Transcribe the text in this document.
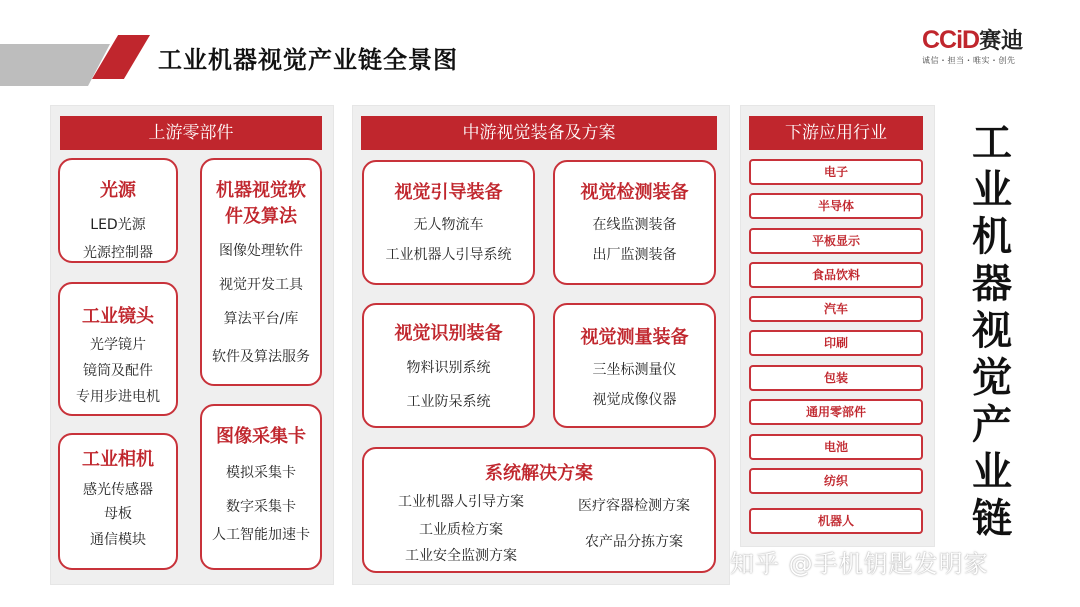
工业机器视觉产业链全景图
CCiD赛迪
诚信・担当・唯实・创先
上游零部件	中游视觉装备及方案	下游应用行业
光源
LED光源
光源控制器
工业镜头
光学镜片
镜筒及配件
专用步进电机
工业相机
感光传感器
母板
通信模块
机器视觉软
件及算法
图像处理软件
视觉开发工具
算法平台/库
软件及算法服务
图像采集卡
模拟采集卡
数字采集卡
人工智能加速卡
视觉引导装备
无人物流车
工业机器人引导系统
视觉检测装备
在线监测装备
出厂监测装备
视觉识别装备
物料识别系统
工业防呆系统
视觉测量装备
三坐标测量仪
视觉成像仪器
系统解决方案
工业机器人引导方案
工业质检方案
工业安全监测方案
医疗容器检测方案
农产品分拣方案
电子
半导体
平板显示
食品饮料
汽车
印刷
包装
通用零部件
电池
纺织
机器人
工
业
机
器
视
觉
产
业
链
知乎 @手机钥匙发明家
